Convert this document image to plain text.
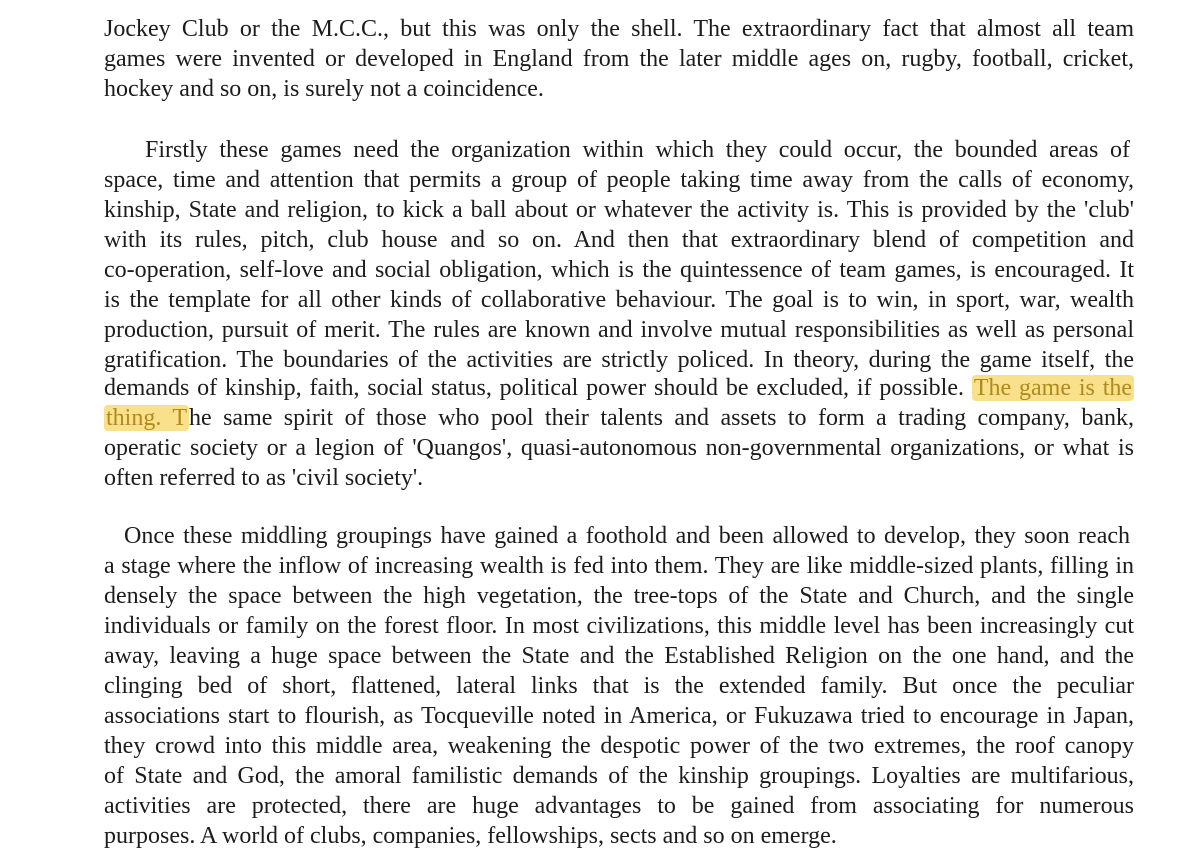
Jockey Club or the M.C.C., but this was only the shell. The extraordinary fact that almost all team

games were invented or developed in England from the later middle ages on, rugby, football, cricket,

hockey and so on, is surely not a coincidence.

Firstly these games need the organization within which they could occur, the bounded areas of

space, time and attention that permits a group of people taking time away from the calls of economy,

kinship, State and religion, to kick a ball about or whatever the activity is. This is provided by the 'club'

with its rules, pitch, club house and so on. And then that extraordinary blend of competition and

co-operation, self-love and social obligation, which is the quintessence of team games, is encouraged. It

is the template for all other kinds of collaborative behaviour. The goal is to win, in sport, war, wealth

production, pursuit of merit. The rules are known and involve mutual responsibilities as well as personal

gratification. The boundaries of the activities are strictly policed. In theory, during the game itself, the

demands of kinship, faith, social status, political power should be excluded, if possible. The game is the

thing. The same spirit of those who pool their talents and assets to form a trading company, bank,

operatic society or a legion of 'Quangos', quasi-autonomous non-governmental organizations, or what is

often referred to as 'civil society'.

Once these middling groupings have gained a foothold and been allowed to develop, they soon reach

a stage where the inflow of increasing wealth is fed into them. They are like middle-sized plants, filling in

densely the space between the high vegetation, the tree-tops of the State and Church, and the single

individuals or family on the forest floor. In most civilizations, this middle level has been increasingly cut

away, leaving a huge space between the State and the Established Religion on the one hand, and the

clinging bed of short, flattened, lateral links that is the extended family. But once the peculiar

associations start to flourish, as Tocqueville noted in America, or Fukuzawa tried to encourage in Japan,

they crowd into this middle area, weakening the despotic power of the two extremes, the roof canopy

of State and God, the amoral familistic demands of the kinship groupings. Loyalties are multifarious,

activities are protected, there are huge advantages to be gained from associating for numerous

purposes. A world of clubs, companies, fellowships, sects and so on emerge.
